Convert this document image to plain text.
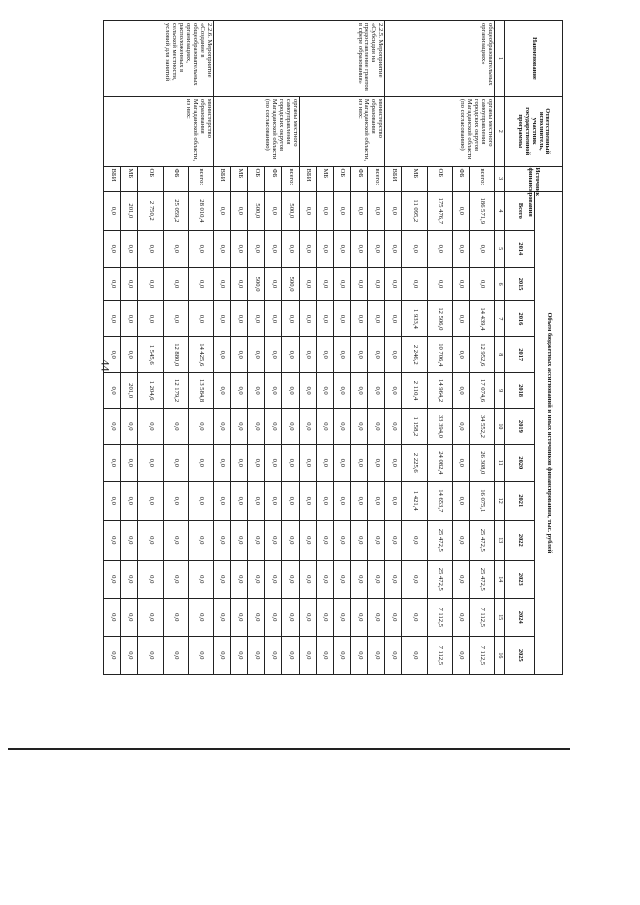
44
Наименование	Ответственный исполнитель, участник государственной программы	Источник финансирования	Объем бюджетных ассигнований и иных источников финансирования, тыс. рублей												
			Всего	2014	2015	2016	2017	2018	2019	2020	2021	2022	2023	2024	2025
1	2	3	4	5	6	7	8	9	10	11	12	13	14	15	16
общеобразовательных организациях»	органы местного самоуправления городских округов Магаданской области (по согласованию)	всего:	186 571,9	0,0	0,0	14 439,4	12 952,6	17 074,6	34 552,2	26 308,0	16 075,1	25 472,5	25 472,5	7 112,5	7 112,5
		ФБ	0,0	0,0	0,0	0,0	0,0	0,0	0,0	0,0	0,0	0,0	0,0	0,0	0,0
		ОБ	175 476,7	0,0	0,0	12 506,0	10 706,4	14 964,2	33 394,0	24 082,4	14 653,7	25 472,5	25 472,5	7 112,5	7 112,5
		МБ	11 095,2	0,0	0,0	1 933,4	2 246,2	2 110,4	1 158,2	2 225,6	1 421,4	0,0	0,0	0,0	0,0
		ВБИ	0,0	0,0	0,0	0,0	0,0	0,0	0,0	0,0	0,0	0,0	0,0	0,0	0,0
2.2.5. Мероприятие «Субсидии на предоставление грантов в сфере образования»	министерство образования Магаданской области, из них:	всего:	0,0	0,0	0,0	0,0	0,0	0,0	0,0	0,0	0,0	0,0	0,0	0,0	0,0
		ФБ	0,0	0,0	0,0	0,0	0,0	0,0	0,0	0,0	0,0	0,0	0,0	0,0	0,0
		ОБ	0,0	0,0	0,0	0,0	0,0	0,0	0,0	0,0	0,0	0,0	0,0	0,0	0,0
		МБ	0,0	0,0	0,0	0,0	0,0	0,0	0,0	0,0	0,0	0,0	0,0	0,0	0,0
		ВБИ	0,0	0,0	0,0	0,0	0,0	0,0	0,0	0,0	0,0	0,0	0,0	0,0	0,0
	органы местного самоуправления городских округов Магаданской области (по согласованию)	всего:	500,0	0,0	500,0	0,0	0,0	0,0	0,0	0,0	0,0	0,0	0,0	0,0	0,0
		ФБ	0,0	0,0	0,0	0,0	0,0	0,0	0,0	0,0	0,0	0,0	0,0	0,0	0,0
		ОБ	500,0	0,0	500,0	0,0	0,0	0,0	0,0	0,0	0,0	0,0	0,0	0,0	0,0
		МБ	0,0	0,0	0,0	0,0	0,0	0,0	0,0	0,0	0,0	0,0	0,0	0,0	0,0
		ВБИ	0,0	0,0	0,0	0,0	0,0	0,0	0,0	0,0	0,0	0,0	0,0	0,0	0,0
2.2.6. Мероприятие «Создание в общеобразовательных организациях, расположенных в сельской местности, условий для занятий	министерство образования Магаданской области, из них:	всего:	28 010,4	0,0	0,0	0,0	14 425,6	13 584,8	0,0	0,0	0,0	0,0	0,0	0,0	0,0
		ФБ	25 059,2	0,0	0,0	0,0	12 880,0	12 179,2	0,0	0,0	0,0	0,0	0,0	0,0	0,0
		ОБ	2 750,2	0,0	0,0	0,0	1 545,6	1 204,6	0,0	0,0	0,0	0,0	0,0	0,0	0,0
		МБ	201,0	0,0	0,0	0,0	0,0	201,0	0,0	0,0	0,0	0,0	0,0	0,0	0,0
		ВБИ	0,0	0,0	0,0	0,0	0,0	0,0	0,0	0,0	0,0	0,0	0,0	0,0	0,0
